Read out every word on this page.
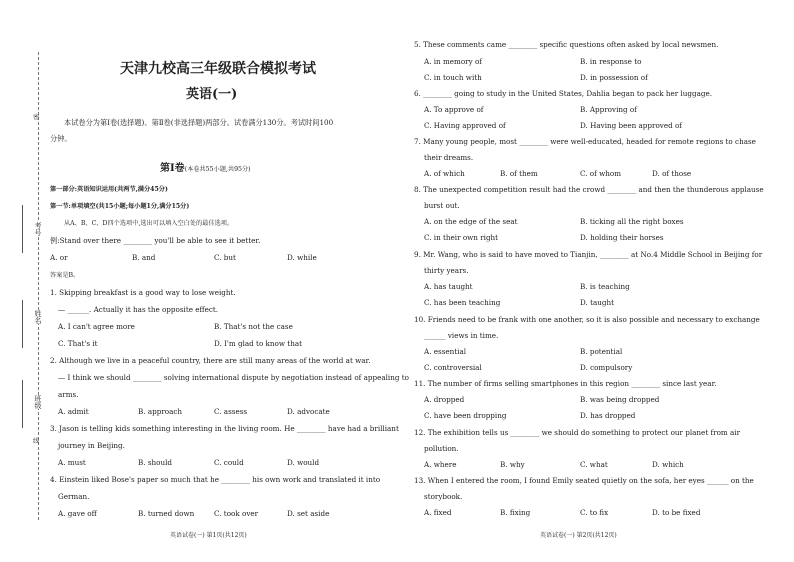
密
线
考号
姓名
班级
天津九校高三年级联合模拟考试
英语(一)
本试卷分为第Ⅰ卷(选择题)、第Ⅱ卷(非选择题)两部分。试卷满分130分。考试时间100
分钟。
第Ⅰ卷(本卷共55小题,共95分)
第一部分:英语知识运用(共两节,满分45分)
第一节:单项填空(共15小题;每小题1分,满分15分)
从A、B、C、D四个选项中,选出可以填入空白处的最佳选项。
例:Stand over there ________ you'll be able to see it better.
A. or	B. and	C. but	D. while
答案是B。
1. Skipping breakfast is a good way to lose weight.
— ______. Actually it has the opposite effect.
A. I can't agree more	B. That's not the case
C. That's it	D. I'm glad to know that
2. Although we live in a peaceful country, there are still many areas of the world at war.
— I think we should ________ solving international dispute by negotiation instead of appealing to
arms.
A. admit	B. approach	C. assess	D. advocate
3. Jason is telling kids something interesting in the living room. He ________ have had a brilliant
journey in Beijing.
A. must	B. should	C. could	D. would
4. Einstein liked Bose's paper so much that he ________ his own work and translated it into
German.
A. gave off	B. turned down	C. took over	D. set aside
英语试卷(一) 第1页(共12页)
5. These comments came ________ specific questions often asked by local newsmen.
A. in memory of	B. in response to
C. in touch with	D. in possession of
6. ________ going to study in the United States, Dahlia began to pack her luggage.
A. To approve of	B. Approving of
C. Having approved of	D. Having been approved of
7. Many young people, most ________ were well-educated, headed for remote regions to chase
their dreams.
A. of which	B. of them	C. of whom	D. of those
8. The unexpected competition result had the crowd ________ and then the thunderous applause
burst out.
A. on the edge of the seat	B. ticking all the right boxes
C. in their own right	D. holding their horses
9. Mr. Wang, who is said to have moved to Tianjin, ________ at No.4 Middle School in Beijing for
thirty years.
A. has taught	B. is teaching
C. has been teaching	D. taught
10. Friends need to be frank with one another, so it is also possible and necessary to exchange
______ views in time.
A. essential	B. potential
C. controversial	D. compulsory
11. The number of firms selling smartphones in this region ________ since last year.
A. dropped	B. was being dropped
C. have been dropping	D. has dropped
12. The exhibition tells us ________ we should do something to protect our planet from air
pollution.
A. where	B. why	C. what	D. which
13. When I entered the room, I found Emily seated quietly on the sofa, her eyes ______ on the
storybook.
A. fixed	B. fixing	C. to fix	D. to be fixed
英语试卷(一) 第2页(共12页)
